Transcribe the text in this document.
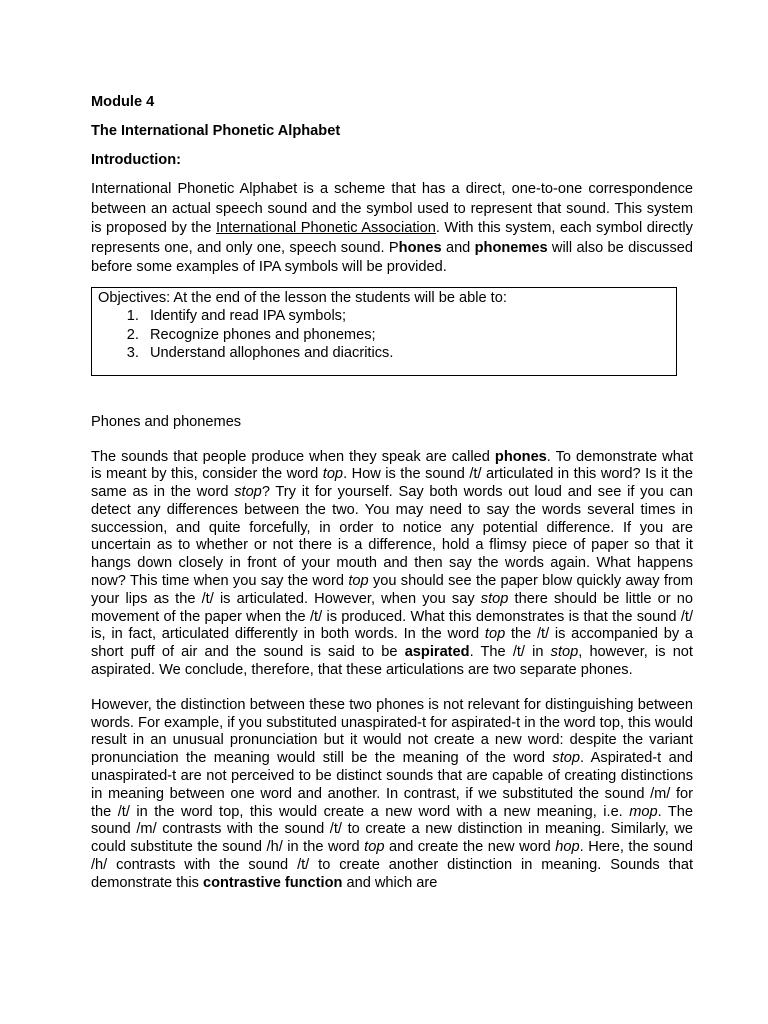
Module 4

The International Phonetic Alphabet

Introduction:

International Phonetic Alphabet is a scheme that has a direct, one-to-one correspondence between an actual speech sound and the symbol used to represent that sound. This system is proposed by the International Phonetic Association. With this system, each symbol directly represents one, and only one, speech sound. Phones and phonemes will also be discussed before some examples of IPA symbols will be provided.

Objectives: At the end of the lesson the students will be able to:
1. Identify and read IPA symbols;
2. Recognize phones and phonemes;
3. Understand allophones and diacritics.

Phones and phonemes

The sounds that people produce when they speak are called phones. To demonstrate what is meant by this, consider the word top. How is the sound /t/ articulated in this word? Is it the same as in the word stop? Try it for yourself. Say both words out loud and see if you can detect any differences between the two. You may need to say the words several times in succession, and quite forcefully, in order to notice any potential difference. If you are uncertain as to whether or not there is a difference, hold a flimsy piece of paper so that it hangs down closely in front of your mouth and then say the words again. What happens now? This time when you say the word top you should see the paper blow quickly away from your lips as the /t/ is articulated. However, when you say stop there should be little or no movement of the paper when the /t/ is produced. What this demonstrates is that the sound /t/ is, in fact, articulated differently in both words. In the word top the /t/ is accompanied by a short puff of air and the sound is said to be aspirated. The /t/ in stop, however, is not aspirated. We conclude, therefore, that these articulations are two separate phones.

However, the distinction between these two phones is not relevant for distinguishing between words. For example, if you substituted unaspirated-t for aspirated-t in the word top, this would result in an unusual pronunciation but it would not create a new word: despite the variant pronunciation the meaning would still be the meaning of the word stop. Aspirated-t and unaspirated-t are not perceived to be distinct sounds that are capable of creating distinctions in meaning between one word and another. In contrast, if we substituted the sound /m/ for the /t/ in the word top, this would create a new word with a new meaning, i.e. mop. The sound /m/ contrasts with the sound /t/ to create a new distinction in meaning. Similarly, we could substitute the sound /h/ in the word top and create the new word hop. Here, the sound /h/ contrasts with the sound /t/ to create another distinction in meaning. Sounds that demonstrate this contrastive function and which are
